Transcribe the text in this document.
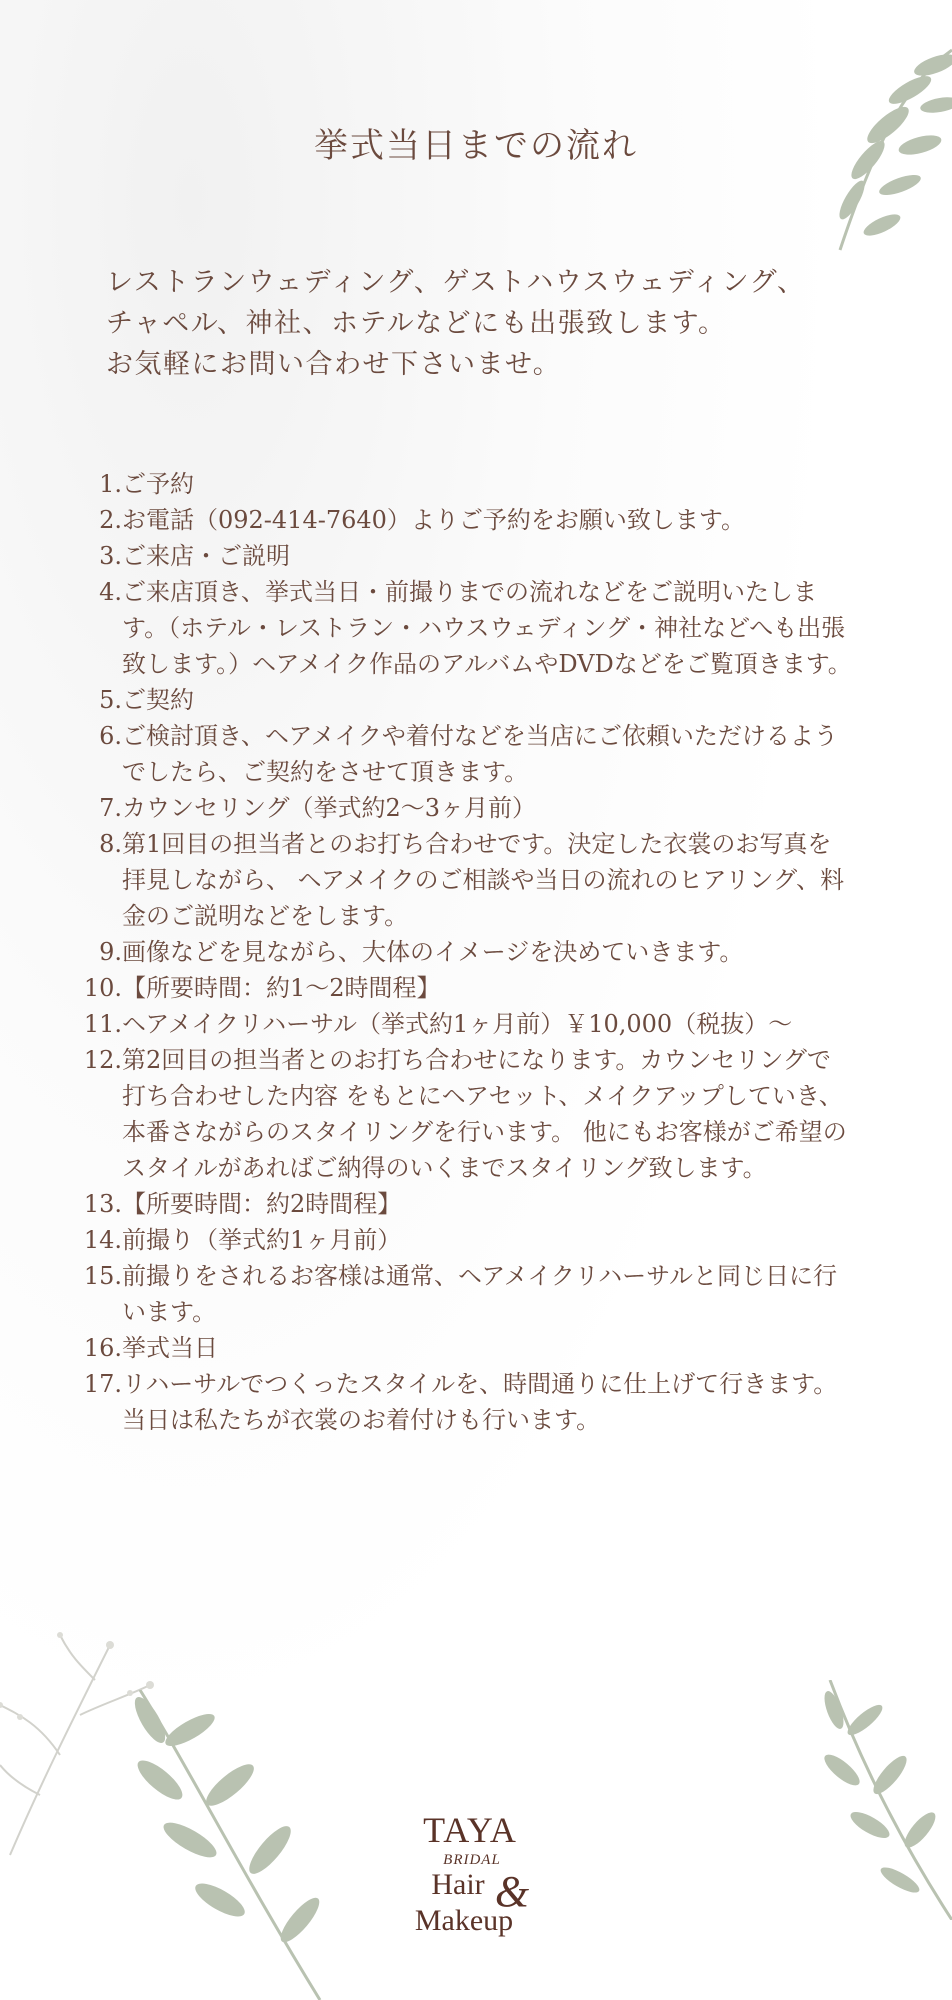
挙式当日までの流れ
レストランウェディング、ゲストハウスウェディング、
チャペル、神社、ホテルなどにも出張致します。
お気軽にお問い合わせ下さいませ。
1. ご予約
2. お電話（092-414-7640）よりご予約をお願い致します。
3. ご来店・ご説明
4. ご来店頂き、挙式当日・前撮りまでの流れなどをご説明いたします。（ホテル・レストラン・ハウスウェディング・神社などへも出張致します。）ヘアメイク作品のアルバムやDVDなどをご覧頂きます。
5. ご契約
6. ご検討頂き、ヘアメイクや着付などを当店にご依頼いただけるようでしたら、ご契約をさせて頂きます。
7. カウンセリング（挙式約2～3ヶ月前）
8. 第1回目の担当者とのお打ち合わせです。決定した衣裳のお写真を拝見しながら、 ヘアメイクのご相談や当日の流れのヒアリング、料金のご説明などをします。
9. 画像などを見ながら、大体のイメージを決めていきます。
10. 【所要時間：約1～2時間程】
11. ヘアメイクリハーサル（挙式約1ヶ月前）￥10,000（税抜）～
12. 第2回目の担当者とのお打ち合わせになります。カウンセリングで打ち合わせした内容 をもとにヘアセット、メイクアップしていき、本番さながらのスタイリングを行います。 他にもお客様がご希望のスタイルがあればご納得のいくまでスタイリング致します。
13. 【所要時間：約2時間程】
14. 前撮り（挙式約1ヶ月前）
15. 前撮りをされるお客様は通常、ヘアメイクリハーサルと同じ日に行います。
16. 挙式当日
17. リハーサルでつくったスタイルを、時間通りに仕上げて行きます。 当日は私たちが衣裳のお着付けも行います。
TAYA
BRIDAL
Hair &
Makeup
